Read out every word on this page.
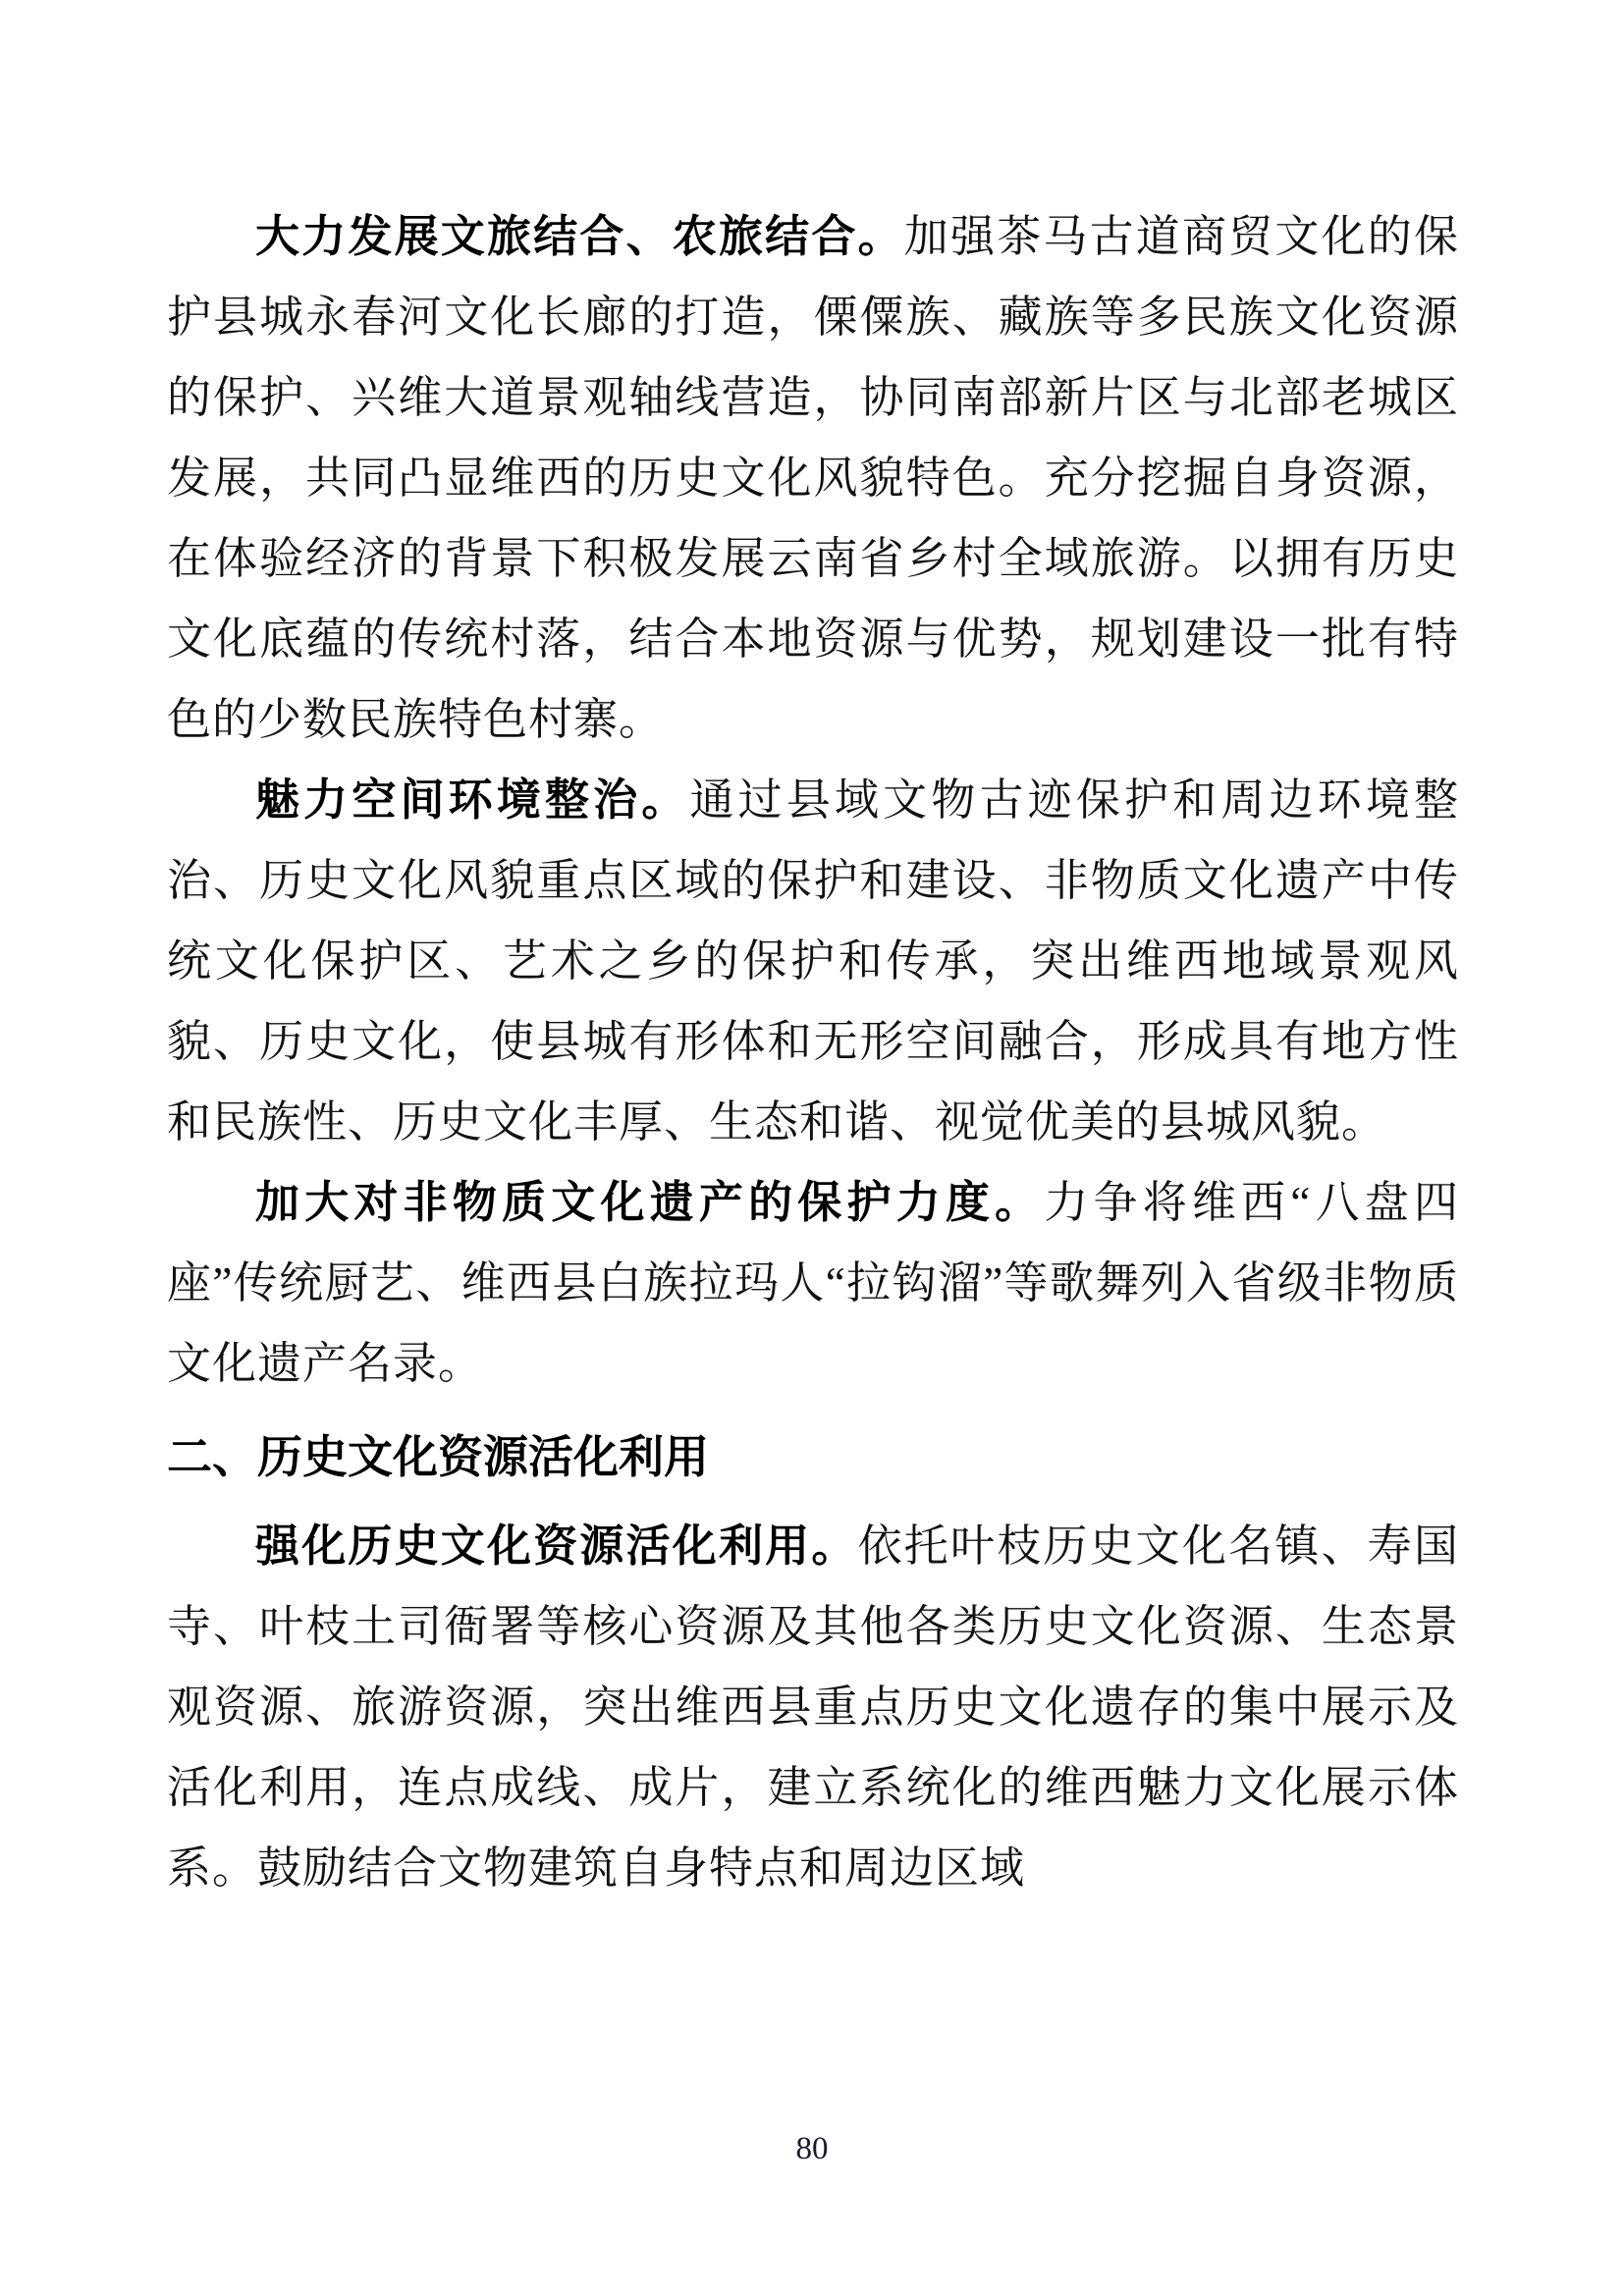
大力发展文旅结合、农旅结合。加强茶马古道商贸文化的保护县城永春河文化长廊的打造，傈僳族、藏族等多民族文化资源的保护、兴维大道景观轴线营造，协同南部新片区与北部老城区发展，共同凸显维西的历史文化风貌特色。充分挖掘自身资源，在体验经济的背景下积极发展云南省乡村全域旅游。以拥有历史文化底蕴的传统村落，结合本地资源与优势，规划建设一批有特色的少数民族特色村寨。

魅力空间环境整治。通过县域文物古迹保护和周边环境整治、历史文化风貌重点区域的保护和建设、非物质文化遗产中传统文化保护区、艺术之乡的保护和传承，突出维西地域景观风貌、历史文化，使县城有形体和无形空间融合，形成具有地方性和民族性、历史文化丰厚、生态和谐、视觉优美的县城风貌。

加大对非物质文化遗产的保护力度。力争将维西“八盘四座”传统厨艺、维西县白族拉玛人“拉钩溜”等歌舞列入省级非物质文化遗产名录。

二、历史文化资源活化利用

强化历史文化资源活化利用。依托叶枝历史文化名镇、寿国寺、叶枝土司衙署等核心资源及其他各类历史文化资源、生态景观资源、旅游资源，突出维西县重点历史文化遗存的集中展示及活化利用，连点成线、成片，建立系统化的维西魅力文化展示体系。鼓励结合文物建筑自身特点和周边区域

80
